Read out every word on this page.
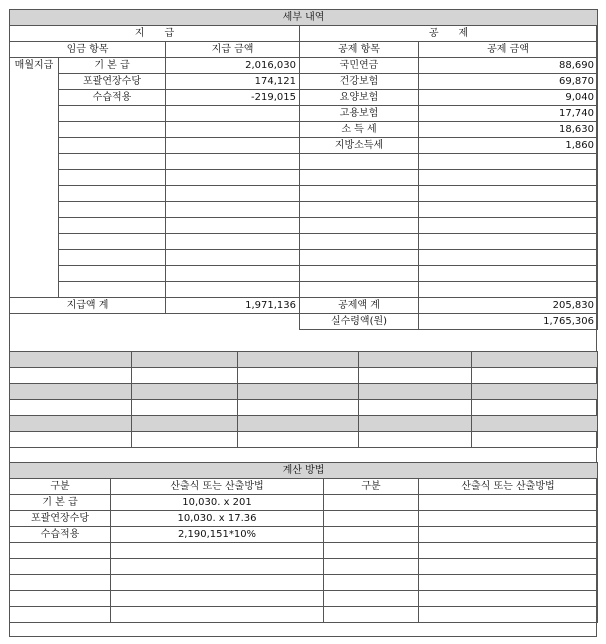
세부 내역				
지　　급			공　　제	
임금 항목		지급 금액	공제 항목	공제 금액
매월지급	기 본 급	2,016,030	국민연금	88,690
	포괄연장수당	174,121	건강보험	69,870
	수습적용	-219,015	요양보험	9,040
			고용보험	17,740
			소 득 세	18,630
			지방소득세	1,860

지급액 계		1,971,136	공제액 계	205,830
			실수령액(원)	1,765,306

계산 방법			
구분	산출식 또는 산출방법	구분	산출식 또는 산출방법
기 본 급	10,030. x 201		
포괄연장수당	10,030. x 17.36		
수습적용	2,190,151*10%		
